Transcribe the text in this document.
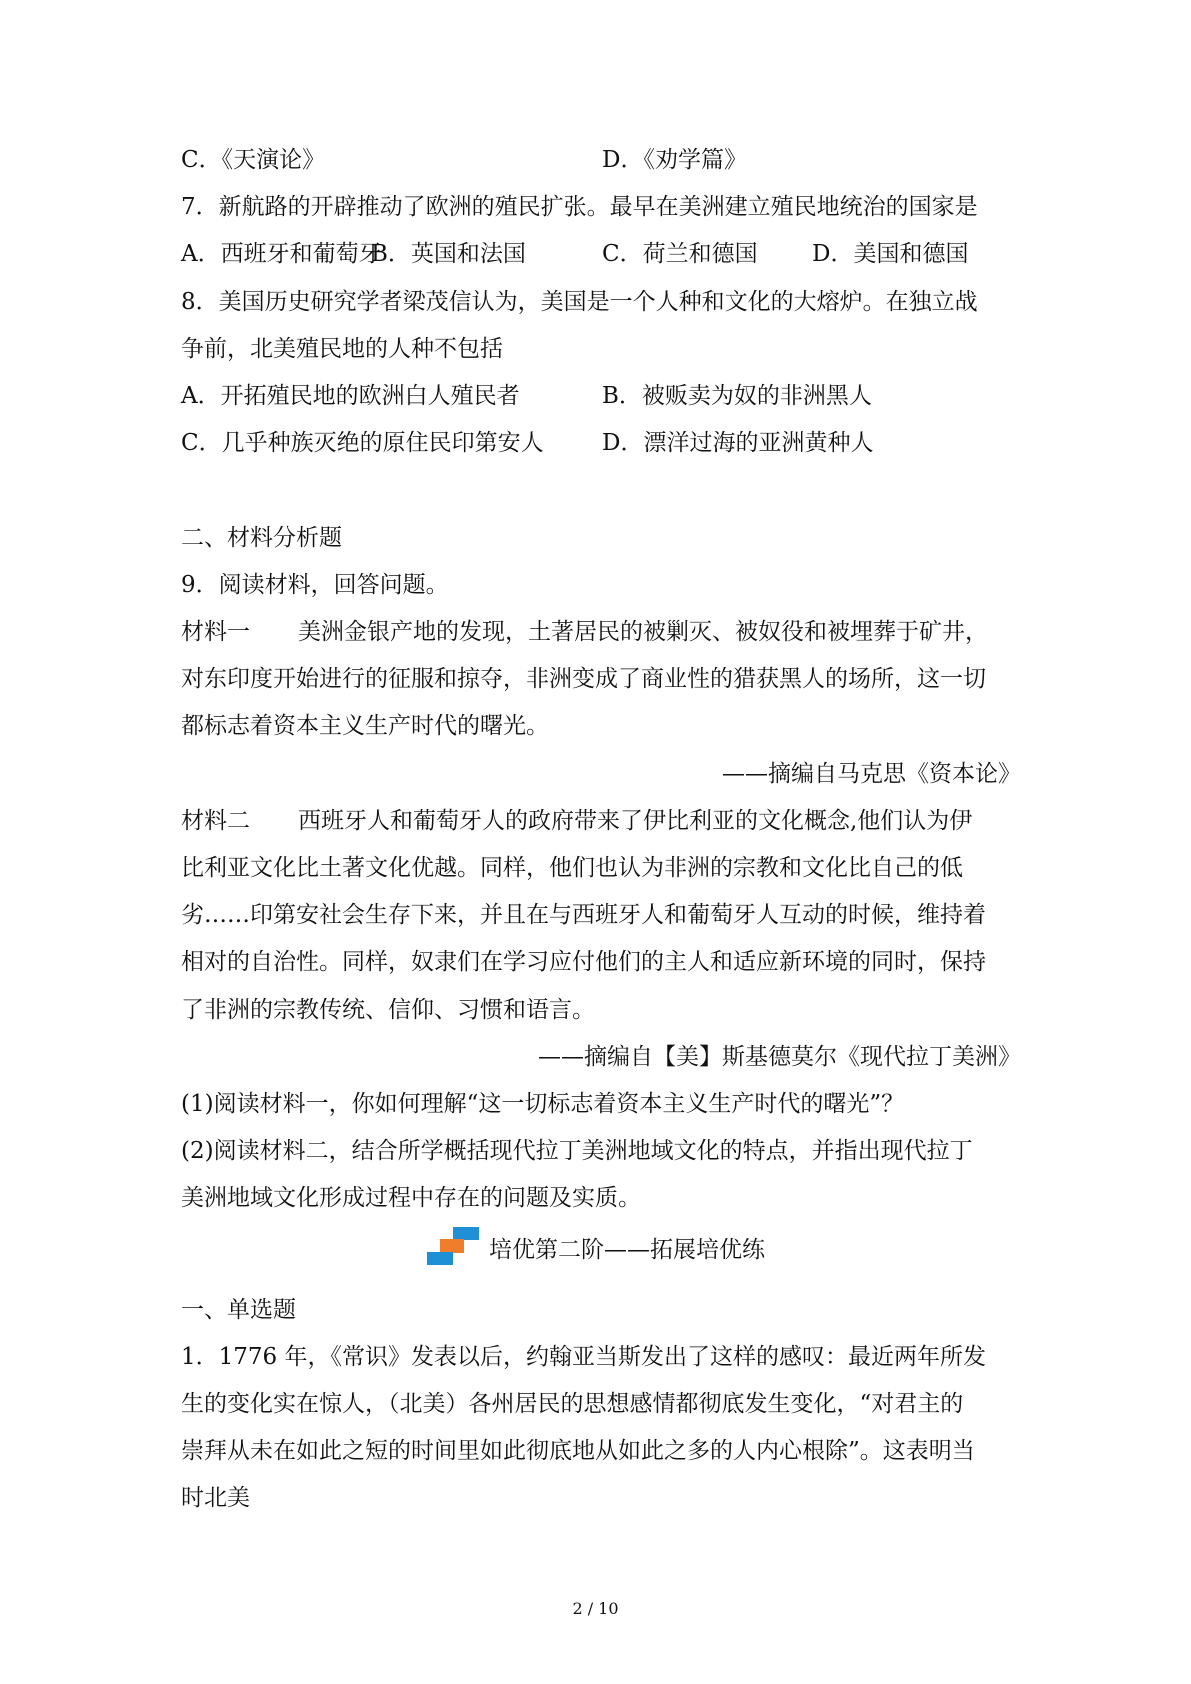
C．《天演论》	D．《劝学篇》
7．新航路的开辟推动了欧洲的殖民扩张。最早在美洲建立殖民地统治的国家是
A．西班牙和葡萄牙
B．英国和法国	C．荷兰和德国 D．美国和德国
8．美国历史研究学者梁茂信认为，美国是一个人种和文化的大熔炉。在独立战
争前，北美殖民地的人种不包括
A．开拓殖民地的欧洲白人殖民者	B．被贩卖为奴的非洲黑人
C．几乎种族灭绝的原住民印第安人	D．漂洋过海的亚洲黄种人
二、材料分析题
9．阅读材料，回答问题。
材料一 美洲金银产地的发现，土著居民的被剿灭、被奴役和被埋葬于矿井，
对东印度开始进行的征服和掠夺，非洲变成了商业性的猎获黑人的场所，这一切
都标志着资本主义生产时代的曙光。
——摘编自马克思《资本论》
材料二 西班牙人和葡萄牙人的政府带来了伊比利亚的文化概念,他们认为伊
比利亚文化比土著文化优越。同样，他们也认为非洲的宗教和文化比自己的低
劣……印第安社会生存下来，并且在与西班牙人和葡萄牙人互动的时候，维持着
相对的自治性。同样，奴隶们在学习应付他们的主人和适应新环境的同时，保持
了非洲的宗教传统、信仰、习惯和语言。
——摘编自【美】斯基德莫尔《现代拉丁美洲》
(1)阅读材料一，你如何理解“这一切标志着资本主义生产时代的曙光”？
(2)阅读材料二，结合所学概括现代拉丁美洲地域文化的特点，并指出现代拉丁
美洲地域文化形成过程中存在的问题及实质。
培优第二阶——拓展培优练
一、单选题
1．1776 年，《常识》发表以后，约翰亚当斯发出了这样的感叹：最近两年所发
生的变化实在惊人，（北美）各州居民的思想感情都彻底发生变化，“对君主的
崇拜从未在如此之短的时间里如此彻底地从如此之多的人内心根除”。这表明当
时北美
2 / 10
